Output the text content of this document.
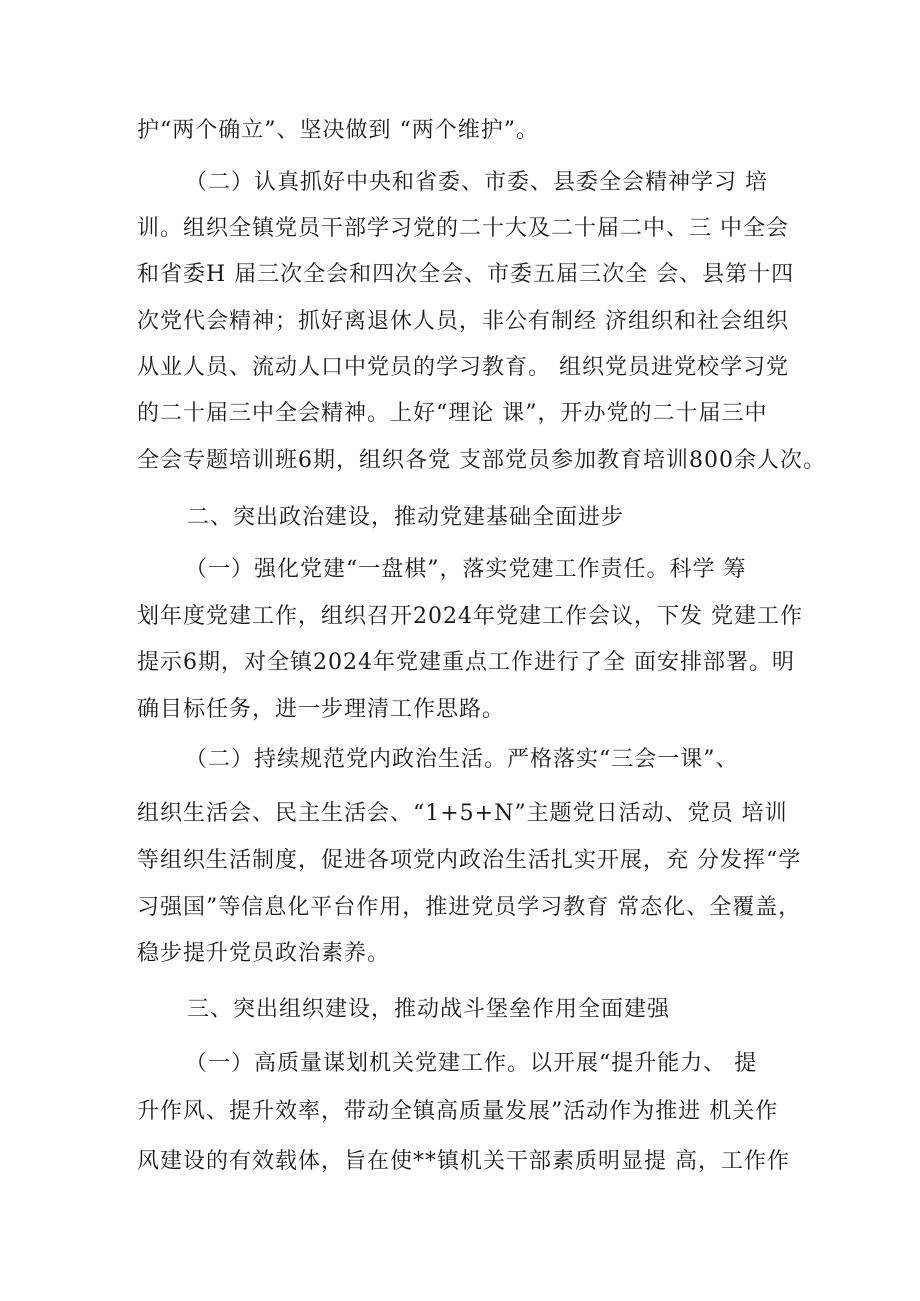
护“两个确立”、坚决做到 “两个维护”。
（二）认真抓好中央和省委、市委、县委全会精神学习 培
训。组织全镇党员干部学习党的二十大及二十届二中、三 中全会
和省委H 届三次全会和四次全会、市委五届三次全 会、县第十四
次党代会精神；抓好离退休人员，非公有制经 济组织和社会组织
从业人员、流动人口中党员的学习教育。 组织党员进党校学习党
的二十届三中全会精神。上好“理论 课”，开办党的二十届三中
全会专题培训班6期，组织各党 支部党员参加教育培训800余人次。
二、突出政治建设，推动党建基础全面进步
（一）强化党建“一盘棋”，落实党建工作责任。科学 筹
划年度党建工作，组织召开2024年党建工作会议，下发 党建工作
提示6期，对全镇2024年党建重点工作进行了全 面安排部署。明
确目标任务，进一步理清工作思路。
（二）持续规范党内政治生活。严格落实“三会一课”、
组织生活会、民主生活会、“1+5+N”主题党日活动、党员 培训
等组织生活制度，促进各项党内政治生活扎实开展，充 分发挥“学
习强国”等信息化平台作用，推进党员学习教育 常态化、全覆盖，
稳步提升党员政治素养。
三、突出组织建设，推动战斗堡垒作用全面建强
（一）高质量谋划机关党建工作。以开展“提升能力、 提
升作风、提升效率，带动全镇高质量发展”活动作为推进 机关作
风建设的有效载体，旨在使**镇机关干部素质明显提 高，工作作
